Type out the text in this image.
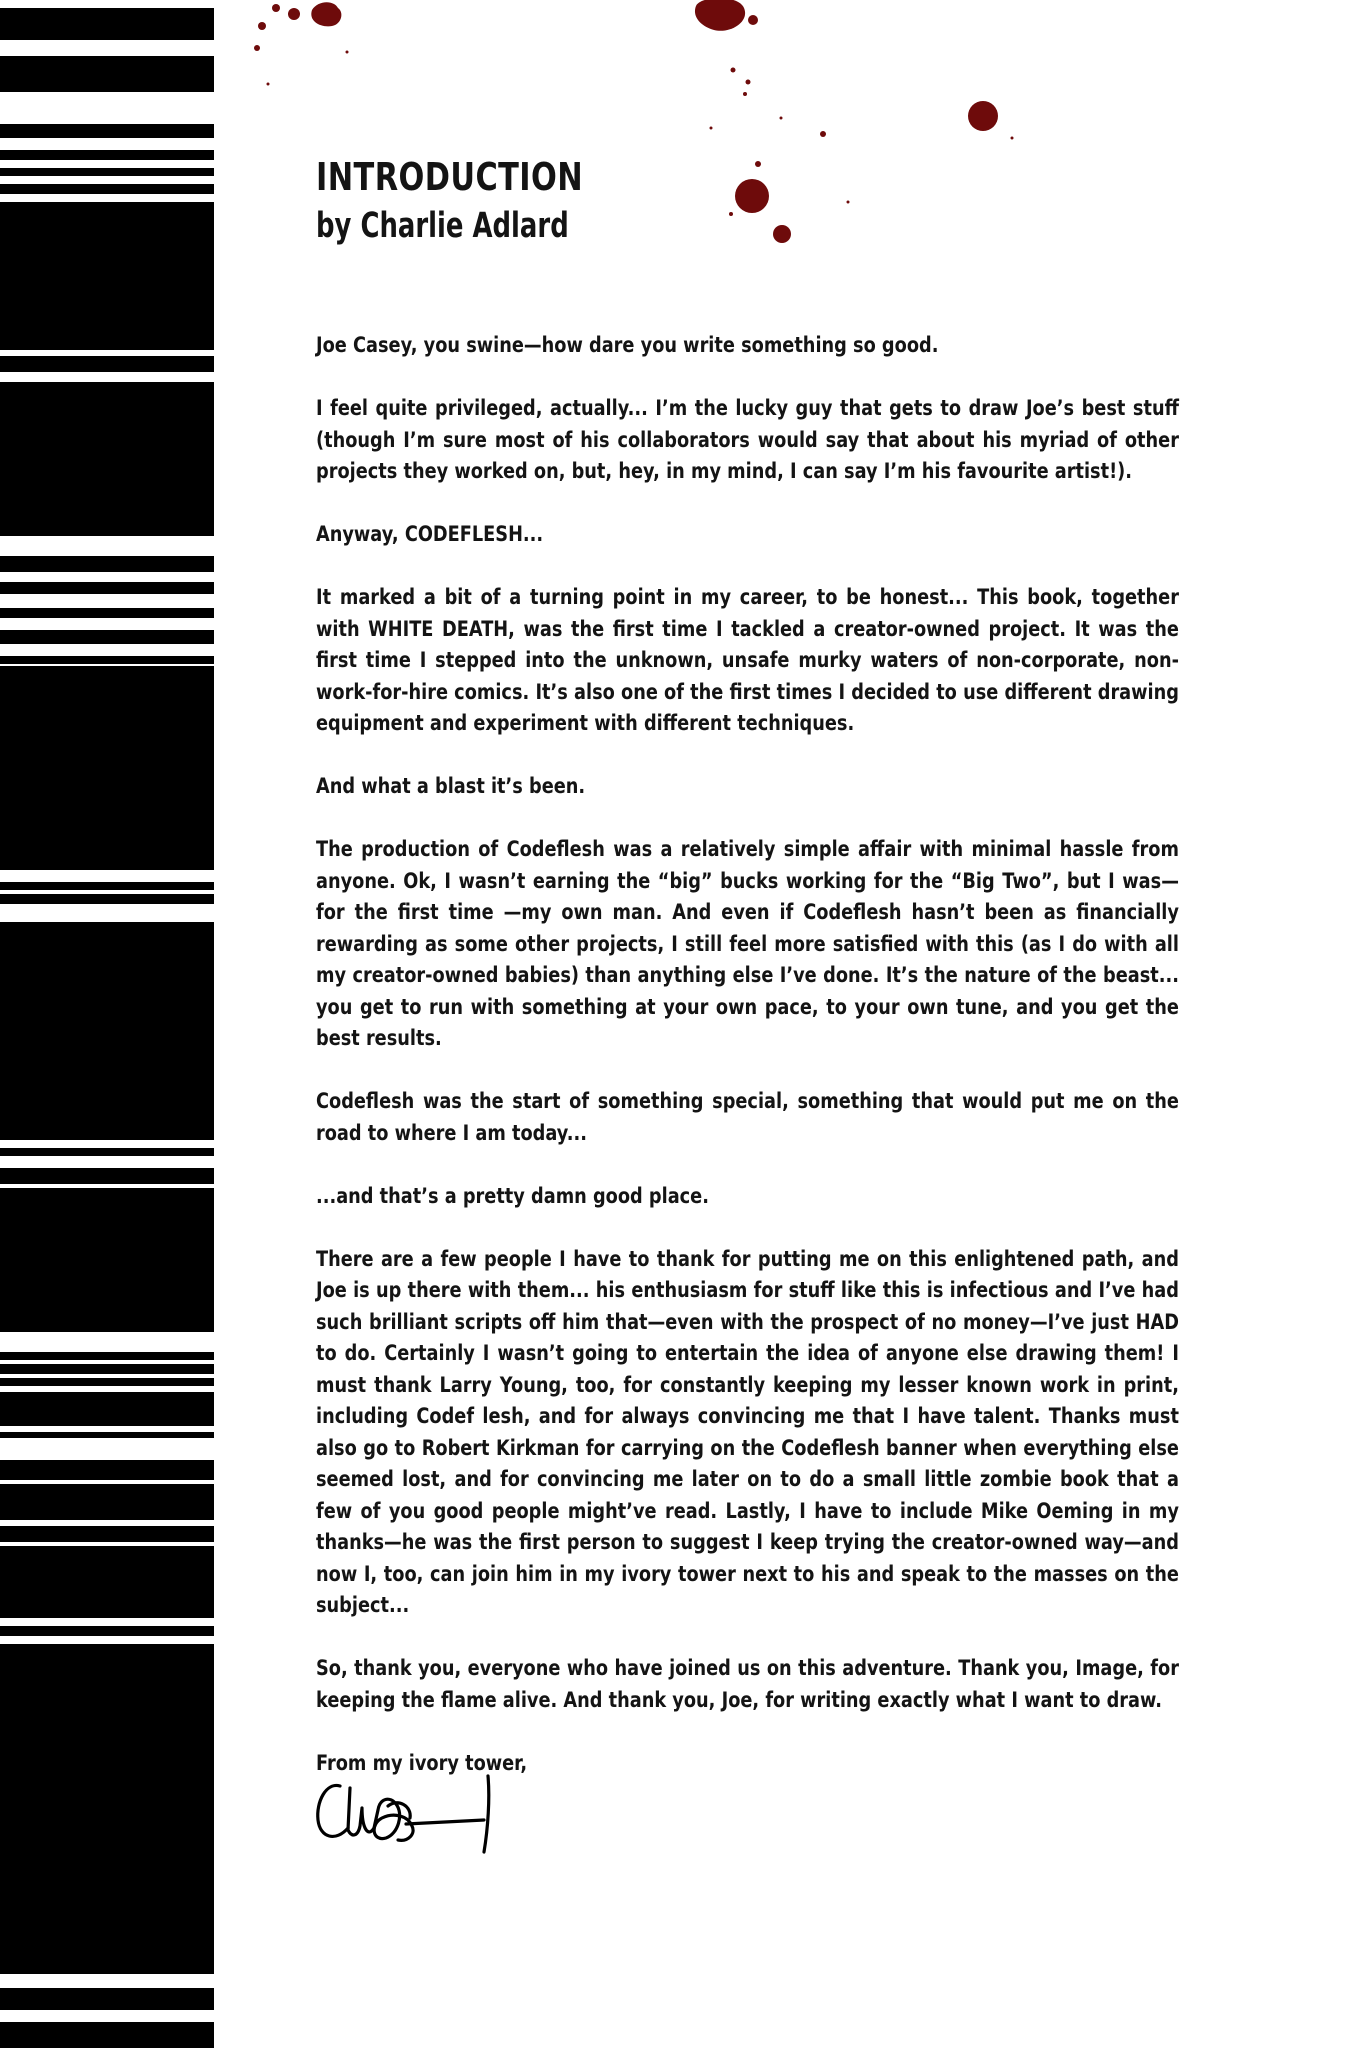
INTRODUCTION
by Charlie Adlard

Joe Casey, you swine—how dare you write something so good.

I feel quite privileged, actually... I’m the lucky guy that gets to draw Joe’s best stuff (though I’m sure most of his collaborators would say that about his myriad of other projects they worked on, but, hey, in my mind, I can say I’m his favourite artist!).

Anyway, CODEFLESH...

It marked a bit of a turning point in my career, to be honest... This book, together with WHITE DEATH, was the first time I tackled a creator-owned project. It was the first time I stepped into the unknown, unsafe murky waters of non-corporate, non-work-for-hire comics. It’s also one of the first times I decided to use different drawing equipment and experiment with different techniques.

And what a blast it’s been.

The production of Codeflesh was a relatively simple affair with minimal hassle from anyone. Ok, I wasn’t earning the “big” bucks working for the “Big Two”, but I was—for the first time —my own man. And even if Codeflesh hasn’t been as financially rewarding as some other projects, I still feel more satisfied with this (as I do with all my creator-owned babies) than anything else I’ve done. It’s the nature of the beast... you get to run with something at your own pace, to your own tune, and you get the best results.

Codeflesh was the start of something special, something that would put me on the road to where I am today...

...and that’s a pretty damn good place.

There are a few people I have to thank for putting me on this enlightened path, and Joe is up there with them... his enthusiasm for stuff like this is infectious and I’ve had such brilliant scripts off him that—even with the prospect of no money—I’ve just HAD to do. Certainly I wasn’t going to entertain the idea of anyone else drawing them! I must thank Larry Young, too, for constantly keeping my lesser known work in print, including Codef lesh, and for always convincing me that I have talent. Thanks must also go to Robert Kirkman for carrying on the Codeflesh banner when everything else seemed lost, and for convincing me later on to do a small little zombie book that a few of you good people might’ve read. Lastly, I have to include Mike Oeming in my thanks—he was the first person to suggest I keep trying the creator-owned way—and now I, too, can join him in my ivory tower next to his and speak to the masses on the subject...

So, thank you, everyone who have joined us on this adventure. Thank you, Image, for keeping the flame alive. And thank you, Joe, for writing exactly what I want to draw.

From my ivory tower,
